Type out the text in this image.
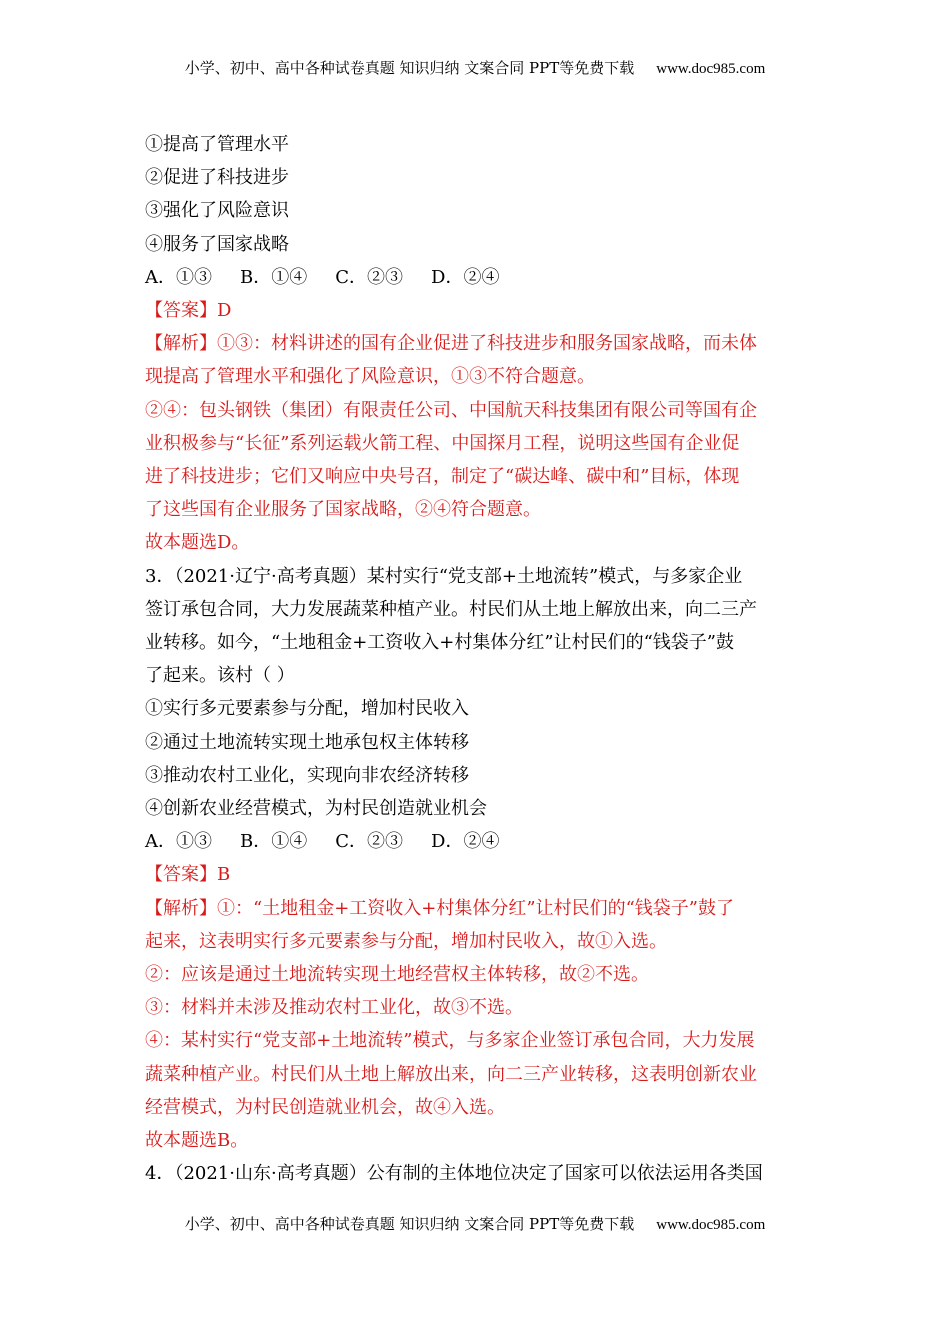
小学、初中、高中各种试卷真题 知识归纳 文案合同 PPT等免费下载 www.doc985.com
①提高了管理水平
②促进了科技进步
③强化了风险意识
④服务了国家战略
A．①③ B．①④ C．②③ D．②④
【答案】D
【解析】①③：材料讲述的国有企业促进了科技进步和服务国家战略，而未体
现提高了管理水平和强化了风险意识，①③不符合题意。
②④：包头钢铁（集团）有限责任公司、中国航天科技集团有限公司等国有企
业积极参与“长征”系列运载火箭工程、中国探月工程，说明这些国有企业促
进了科技进步；它们又响应中央号召，制定了“碳达峰、碳中和”目标，体现
了这些国有企业服务了国家战略，②④符合题意。
故本题选D。
3．（2021·辽宁·高考真题）某村实行“党支部+土地流转”模式，与多家企业
签订承包合同，大力发展蔬菜种植产业。村民们从土地上解放出来，向二三产
业转移。如今，“土地租金+工资收入+村集体分红”让村民们的“钱袋子”鼓
了起来。该村（ ）
①实行多元要素参与分配，增加村民收入
②通过土地流转实现土地承包权主体转移
③推动农村工业化，实现向非农经济转移
④创新农业经营模式，为村民创造就业机会
A．①③ B．①④ C．②③ D．②④
【答案】B
【解析】①：“土地租金+工资收入+村集体分红”让村民们的“钱袋子”鼓了
起来，这表明实行多元要素参与分配，增加村民收入，故①入选。
②：应该是通过土地流转实现土地经营权主体转移，故②不选。
③：材料并未涉及推动农村工业化，故③不选。
④：某村实行“党支部+土地流转”模式，与多家企业签订承包合同，大力发展
蔬菜种植产业。村民们从土地上解放出来，向二三产业转移，这表明创新农业
经营模式，为村民创造就业机会，故④入选。
故本题选B。
4．（2021·山东·高考真题）公有制的主体地位决定了国家可以依法运用各类国
小学、初中、高中各种试卷真题 知识归纳 文案合同 PPT等免费下载 www.doc985.com
